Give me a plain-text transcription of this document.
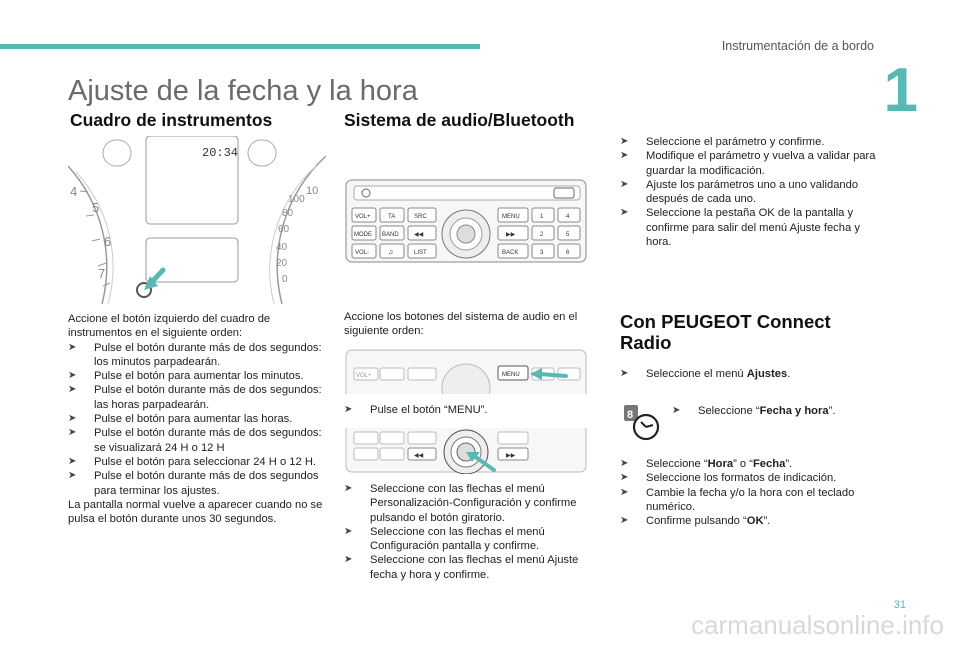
Instrumentación de a bordo
1
Ajuste de la fecha y la hora
Cuadro de instrumentos
4
5
6
7
20:34
10
100
80
60
40
20
0

Accione el botón izquierdo del cuadro de instrumentos en el siguiente orden:

➤ Pulse el botón durante más de dos segundos: los minutos parpadearán.
➤ Pulse el botón para aumentar los minutos.
➤ Pulse el botón durante más de dos segundos: las horas parpadearán.
➤ Pulse el botón para aumentar las horas.
➤ Pulse el botón durante más de dos segundos: se visualizará 24 H o 12 H
➤ Pulse el botón para seleccionar 24 H o 12 H.
➤ Pulse el botón durante más de dos segundos para terminar los ajustes.

La pantalla normal vuelve a aparecer cuando no se pulsa el botón durante unos 30 segundos.

Sistema de audio/Bluetooth
VOL+	TA	SRC
MODE BAND	◀◀
VOL-	♫	LIST
MENU
▶▶
BACK
1	4
2	5
3	6
Accione los botones del sistema de audio en el siguiente orden:
VOL+	MENU
➤ Pulse el botón “MENU”.
◀◀	▶▶
➤ Seleccione con las flechas el menú Personalización-Configuración y confirme pulsando el botón giratorio.
➤ Seleccione con las flechas el menú Configuración pantalla y confirme.
➤ Seleccione con las flechas el menú Ajuste fecha y hora y confirme.
➤ Seleccione el parámetro y confirme.
➤ Modifique el parámetro y vuelva a validar para guardar la modificación.
➤ Ajuste los parámetros uno a uno validando después de cada uno.
➤ Seleccione la pestaña OK de la pantalla y confirme para salir del menú Ajuste fecha y hora.
Con PEUGEOT Connect Radio
➤ Seleccione el menú Ajustes.
8	➤ Seleccione “Fecha y hora”.
➤ Seleccione “Hora” o “Fecha”.
➤ Seleccione los formatos de indicación.
➤ Cambie la fecha y/o la hora con el teclado numérico.
➤ Confirme pulsando “OK”.
31
carmanualsonline.info
